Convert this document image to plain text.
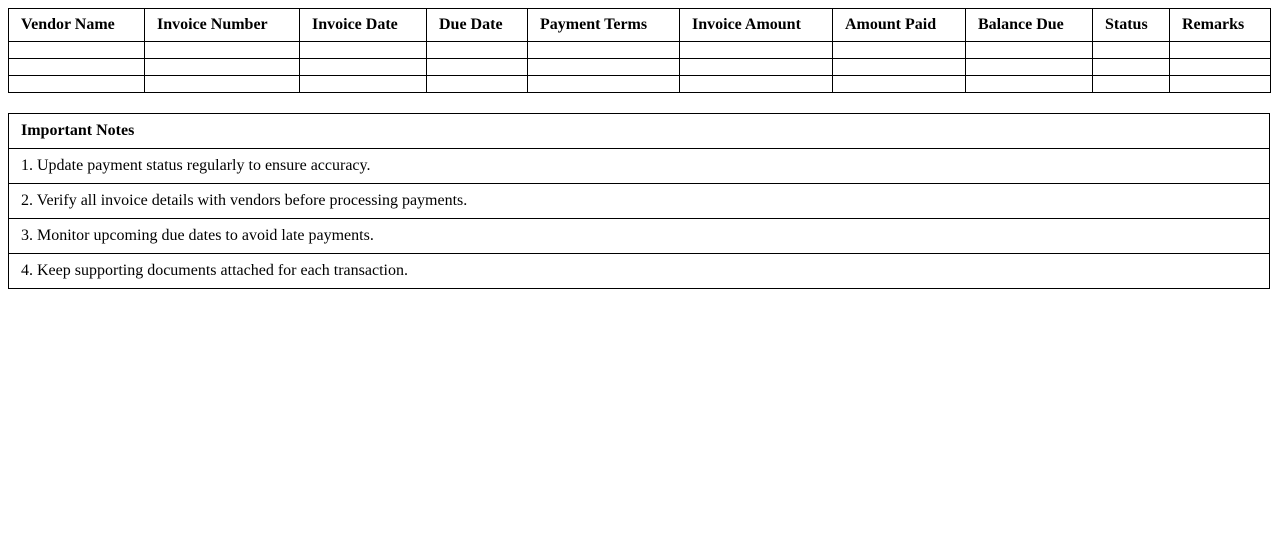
Vendor Name	Invoice Number	Invoice Date	Due Date	Payment Terms	Invoice Amount	Amount Paid	Balance Due	Status	Remarks

Important Notes
1. Update payment status regularly to ensure accuracy.
2. Verify all invoice details with vendors before processing payments.
3. Monitor upcoming due dates to avoid late payments.
4. Keep supporting documents attached for each transaction.
